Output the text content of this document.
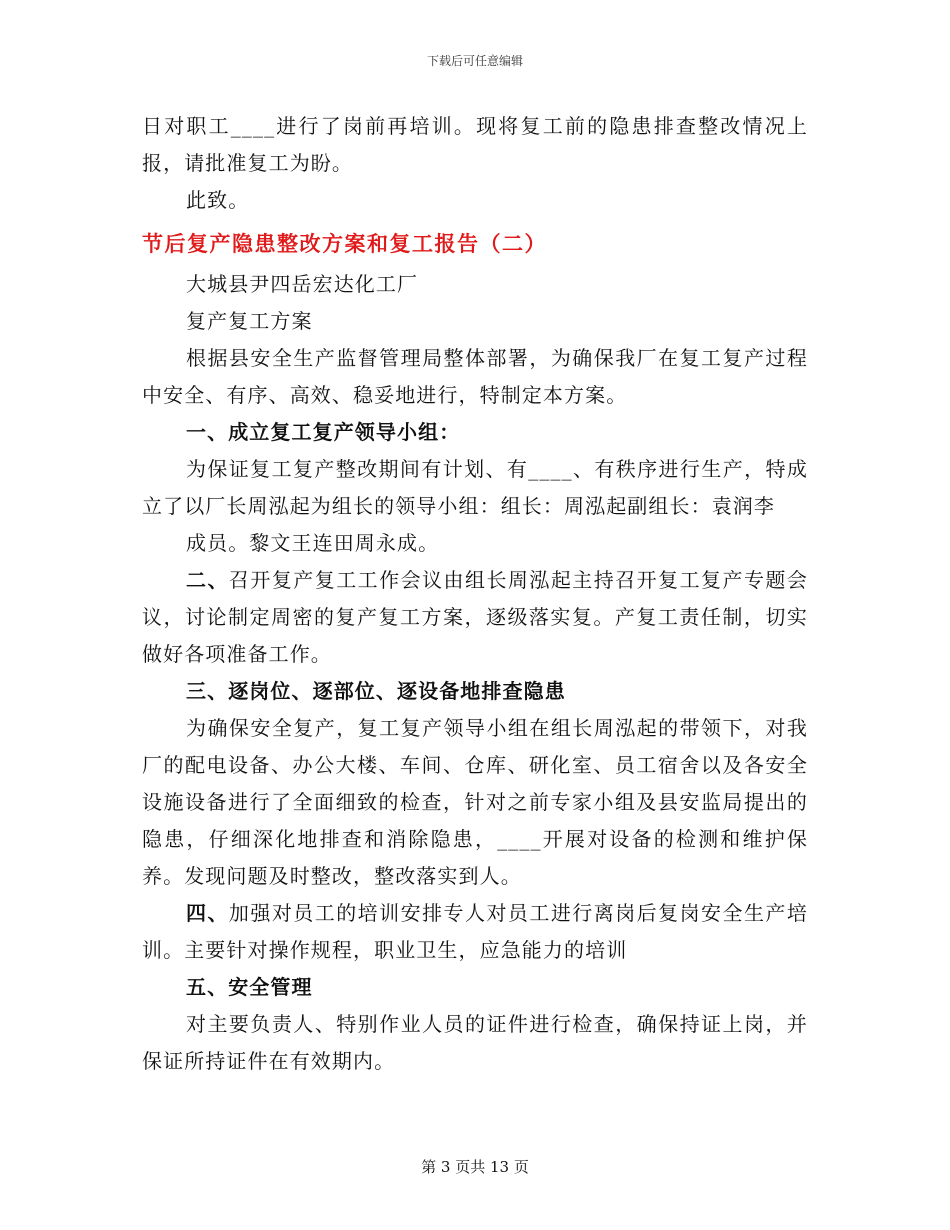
下载后可任意编辑

日对职工____进行了岗前再培训。现将复工前的隐患排查整改情况上报，请批准复工为盼。

此致。

节后复产隐患整改方案和复工报告（二）

大城县尹四岳宏达化工厂

复产复工方案

根据县安全生产监督管理局整体部署，为确保我厂在复工复产过程中安全、有序、高效、稳妥地进行，特制定本方案。

一、成立复工复产领导小组：

为保证复工复产整改期间有计划、有____、有秩序进行生产，特成立了以厂长周泓起为组长的领导小组：组长：周泓起副组长：袁润李

成员。黎文王连田周永成。

二、召开复产复工工作会议由组长周泓起主持召开复工复产专题会议，讨论制定周密的复产复工方案，逐级落实复。产复工责任制，切实做好各项准备工作。

三、逐岗位、逐部位、逐设备地排查隐患

为确保安全复产，复工复产领导小组在组长周泓起的带领下，对我厂的配电设备、办公大楼、车间、仓库、研化室、员工宿舍以及各安全设施设备进行了全面细致的检查，针对之前专家小组及县安监局提出的隐患，仔细深化地排查和消除隐患，____开展对设备的检测和维护保养。发现问题及时整改，整改落实到人。

四、加强对员工的培训安排专人对员工进行离岗后复岗安全生产培训。主要针对操作规程，职业卫生，应急能力的培训

五、安全管理

对主要负责人、特别作业人员的证件进行检查，确保持证上岗，并保证所持证件在有效期内。

第 3 页共 13 页
